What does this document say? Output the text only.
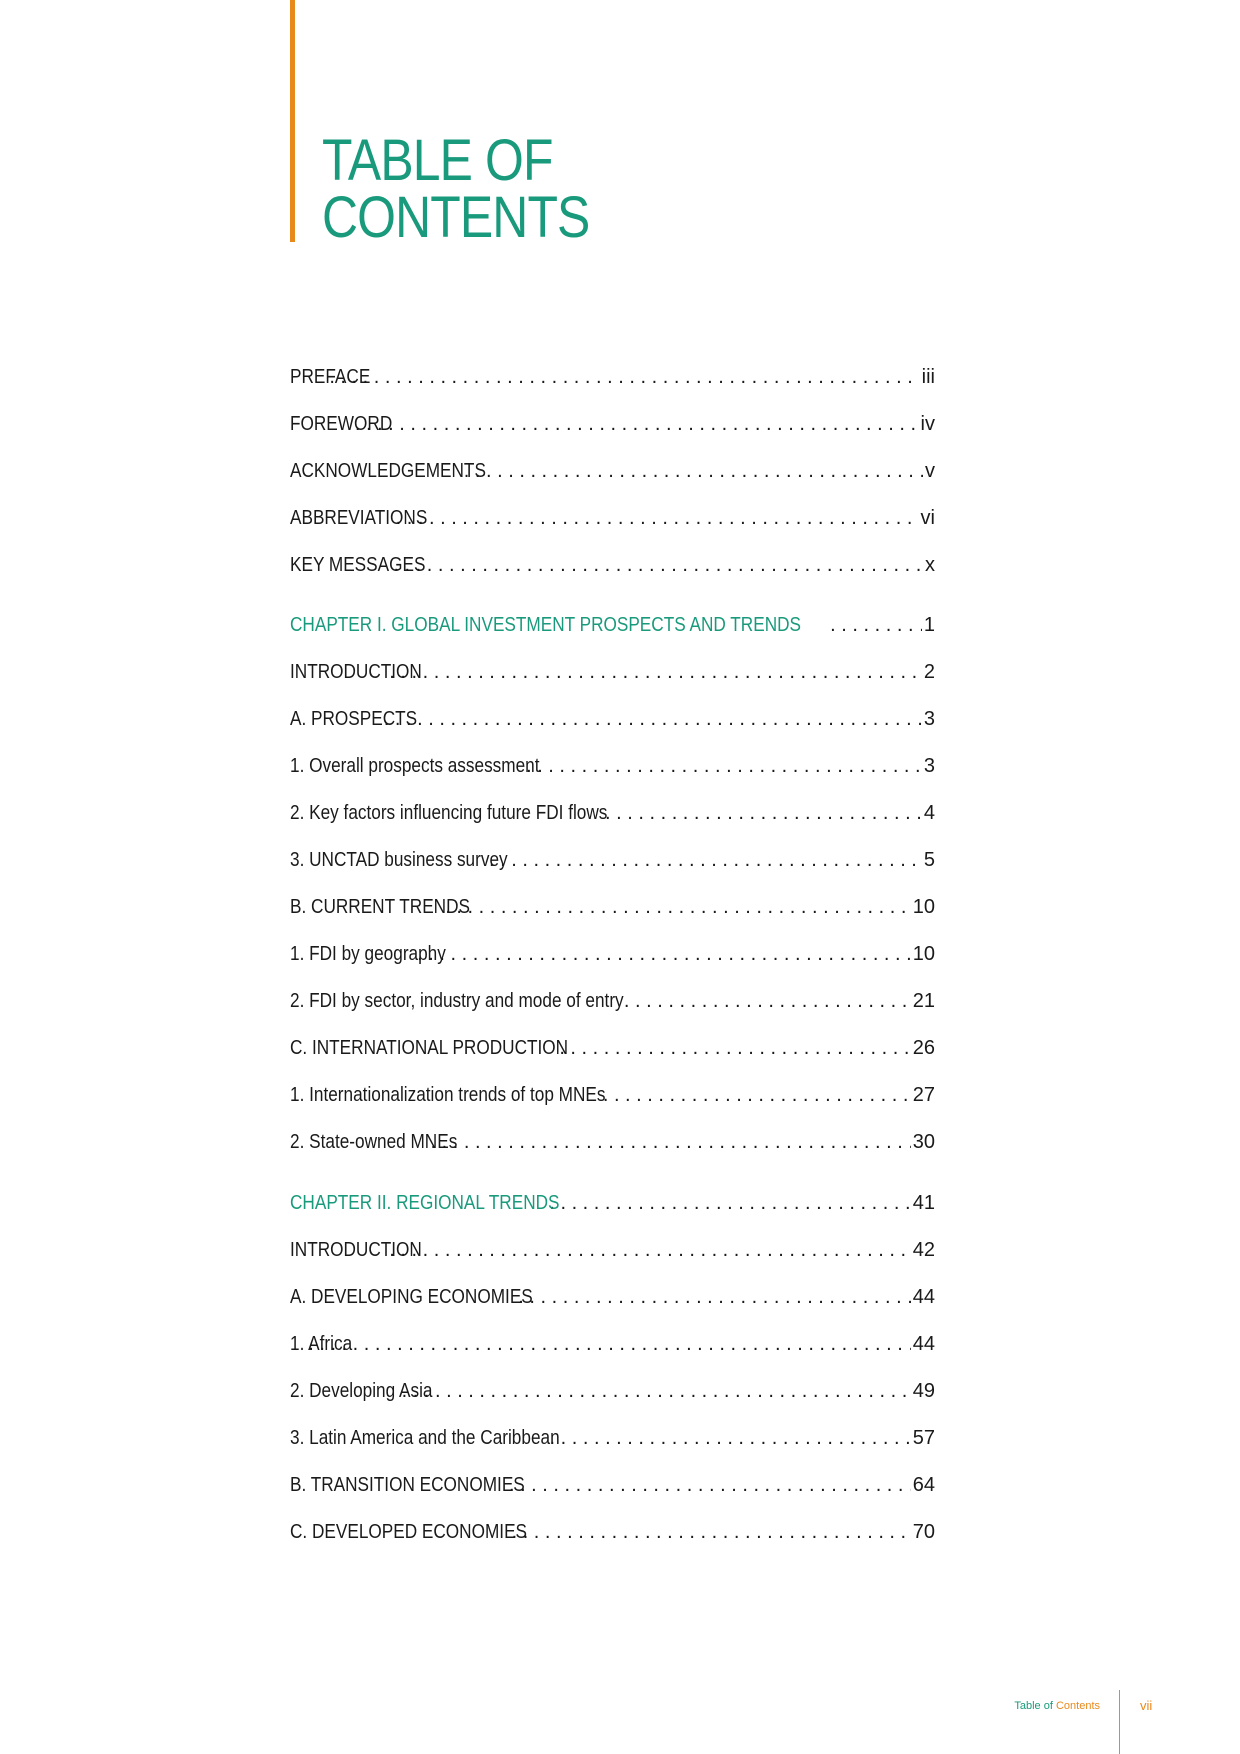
TABLE OF
CONTENTS
PREFACE . . .	iii
FOREWORD . . .	iv
ACKNOWLEDGEMENTS . . .	v
ABBREVIATIONS . . .	vi
KEY MESSAGES . . .	x
CHAPTER I. GLOBAL INVESTMENT PROSPECTS AND TRENDS . . .	1
INTRODUCTION . . .	2
A. PROSPECTS . . .	3
1. Overall prospects assessment . . .	3
2. Key factors influencing future FDI flows . . .	4
3. UNCTAD business survey . . .	5
B. CURRENT TRENDS . . .	10
1. FDI by geography . . .	10
2. FDI by sector, industry and mode of entry . . .	21
C. INTERNATIONAL PRODUCTION . . .	26
1. Internationalization trends of top MNEs . . .	27
2. State-owned MNEs . . .	30
CHAPTER II. REGIONAL TRENDS . . .	41
INTRODUCTION . . .	42
A. DEVELOPING ECONOMIES . . .	44
1. Africa . . .	44
2. Developing Asia . . .	49
3. Latin America and the Caribbean . . .	57
B. TRANSITION ECONOMIES . . .	64
C. DEVELOPED ECONOMIES . . .	70
Table of Contents	vii
